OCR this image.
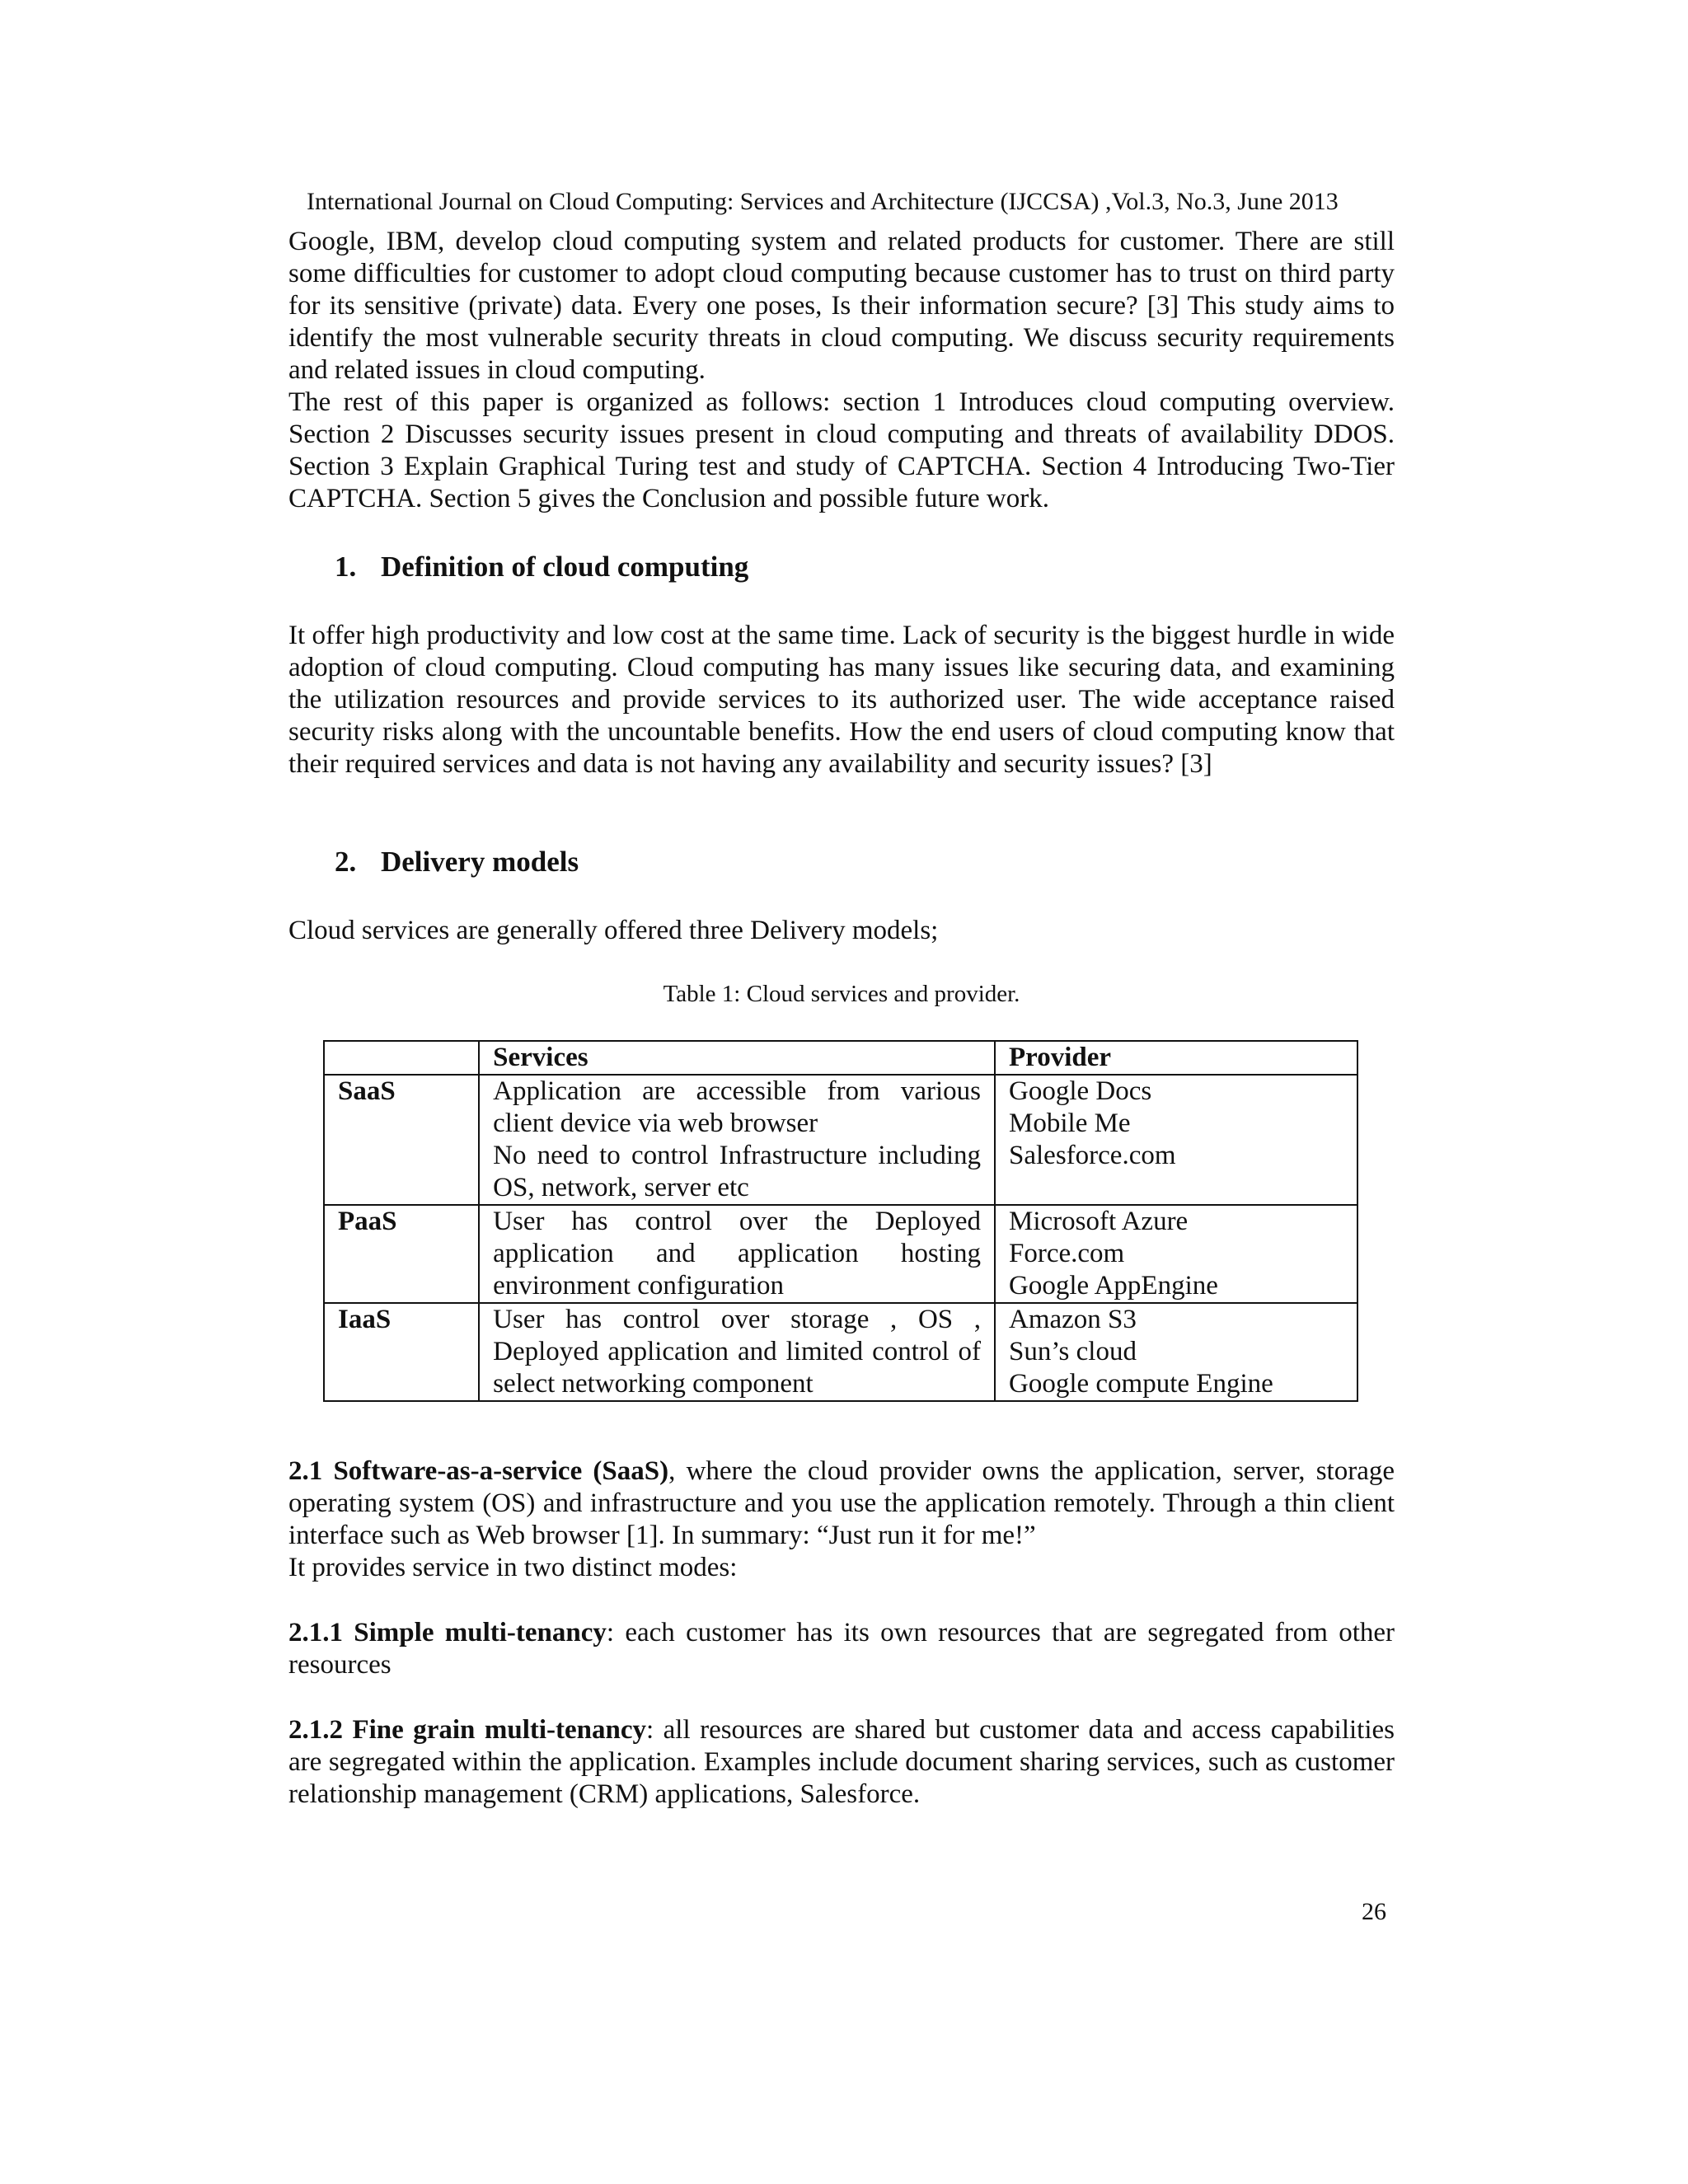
International Journal on Cloud Computing: Services and Architecture (IJCCSA) ,Vol.3, No.3, June 2013

Google, IBM, develop cloud computing system and related products for customer. There are still some difficulties for customer to adopt cloud computing because customer has to trust on third party for its sensitive (private) data. Every one poses, Is their information secure? [3] This study aims to identify the most vulnerable security threats in cloud computing. We discuss security requirements and related issues in cloud computing.

The rest of this paper is organized as follows: section 1 Introduces cloud computing overview. Section 2 Discusses security issues present in cloud computing and threats of availability DDOS. Section 3 Explain Graphical Turing test and study of CAPTCHA. Section 4 Introducing Two-Tier CAPTCHA. Section 5 gives the Conclusion and possible future work.

1. Definition of cloud computing

It offer high productivity and low cost at the same time. Lack of security is the biggest hurdle in wide adoption of cloud computing. Cloud computing has many issues like securing data, and examining the utilization resources and provide services to its authorized user. The wide acceptance raised security risks along with the uncountable benefits. How the end users of cloud computing know that their required services and data is not having any availability and security issues? [3]

2. Delivery models

Cloud services are generally offered three Delivery models;

Table 1: Cloud services and provider.
	Services	Provider
SaaS	Application are accessible from various
client device via web browser
No need to control Infrastructure including
OS, network, server etc	Google Docs
Mobile Me
Salesforce.com

PaaS	User has control over the Deployed
application and application hosting
environment configuration	Microsoft Azure
Force.com
Google AppEngine

IaaS	User has control over storage , OS ,
Deployed application and limited control of
select networking component	Amazon S3
Sun’s cloud
Google compute Engine

2.1 Software-as-a-service (SaaS), where the cloud provider owns the application, server, storage operating system (OS) and infrastructure and you use the application remotely. Through a thin client interface such as Web browser [1]. In summary: “Just run it for me!”

It provides service in two distinct modes:

2.1.1 Simple multi-tenancy: each customer has its own resources that are segregated from other resources

2.1.2 Fine grain multi-tenancy: all resources are shared but customer data and access capabilities are segregated within the application. Examples include document sharing services, such as customer relationship management (CRM) applications, Salesforce.

26
